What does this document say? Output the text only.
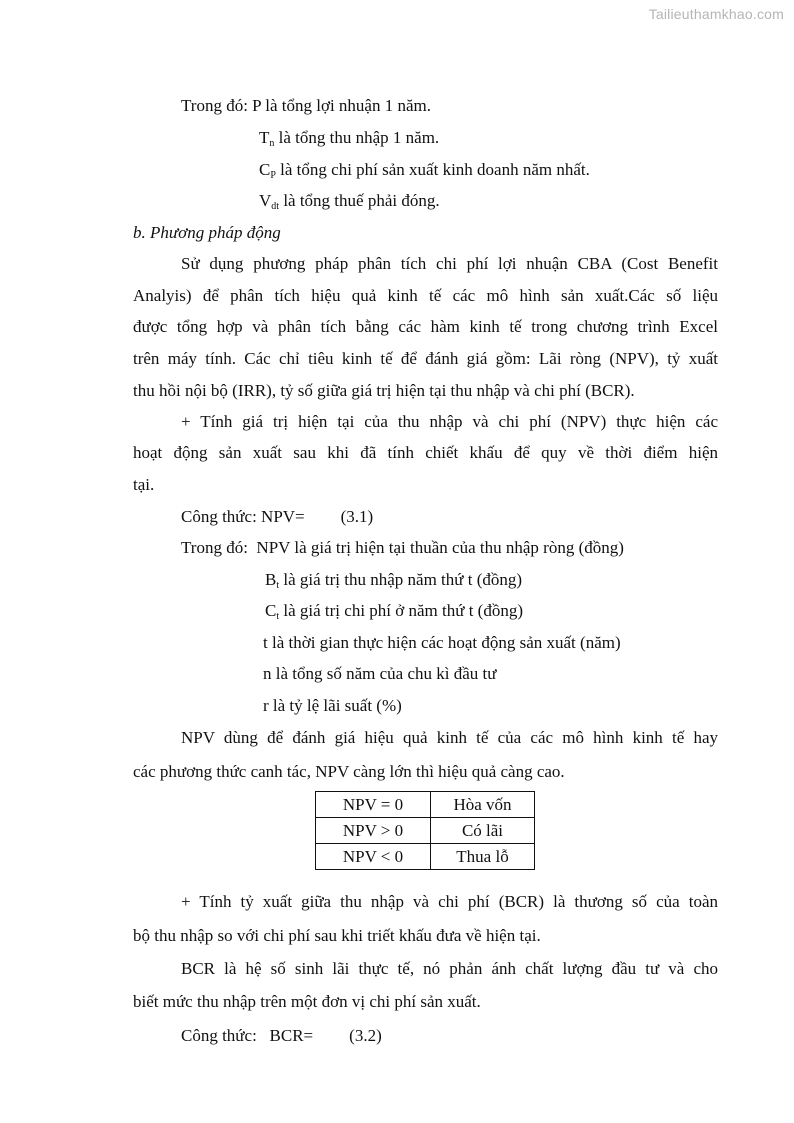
Tailieuthamkhao.com
Trong đó: P là tổng lợi nhuận 1 năm.
$T_n$ là tổng thu nhập 1 năm.
$C_P$ là tổng chi phí sản xuất kinh doanh năm nhất.
$V_{dt}$ là tổng thuế phải đóng.
b. Phương pháp động
Sử dụng phương pháp phân tích chi phí lợi nhuận CBA (Cost Benefit
Analyis) để phân tích hiệu quả kinh tế các mô hình sản xuất.Các số liệu
được tổng hợp và phân tích bằng các hàm kinh tế trong chương trình Excel
trên máy tính. Các chỉ tiêu kinh tế để đánh giá gồm: Lãi ròng (NPV), tỷ xuất
thu hồi nội bộ (IRR), tỷ số giữa giá trị hiện tại thu nhập và chi phí (BCR).
+ Tính giá trị hiện tại của thu nhập và chi phí (NPV) thực hiện các
hoạt động sản xuất sau khi đã tính chiết khấu để quy về thời điểm hiện
tại.
Công thức: NPV= (3.1)
Trong đó: NPV là giá trị hiện tại thuần của thu nhập ròng (đồng)
$B_t$ là giá trị thu nhập năm thứ t (đồng)
$C_t$ là giá trị chi phí ở năm thứ t (đồng)
t là thời gian thực hiện các hoạt động sản xuất (năm)
n là tổng số năm của chu kì đầu tư
r là tỷ lệ lãi suất (%)
NPV dùng để đánh giá hiệu quả kinh tế của các mô hình kinh tế hay
các phương thức canh tác, NPV càng lớn thì hiệu quả càng cao.
+ Tính tỷ xuất giữa thu nhập và chi phí (BCR) là thương số của toàn
bộ thu nhập so với chi phí sau khi triết khấu đưa về hiện tại.
BCR là hệ số sinh lãi thực tế, nó phản ánh chất lượng đầu tư và cho
biết mức thu nhập trên một đơn vị chi phí sản xuất.
Công thức:   BCR= (3.2)
NPV = 0	Hòa vốn
NPV > 0	Có lãi
NPV < 0	Thua lỗ
